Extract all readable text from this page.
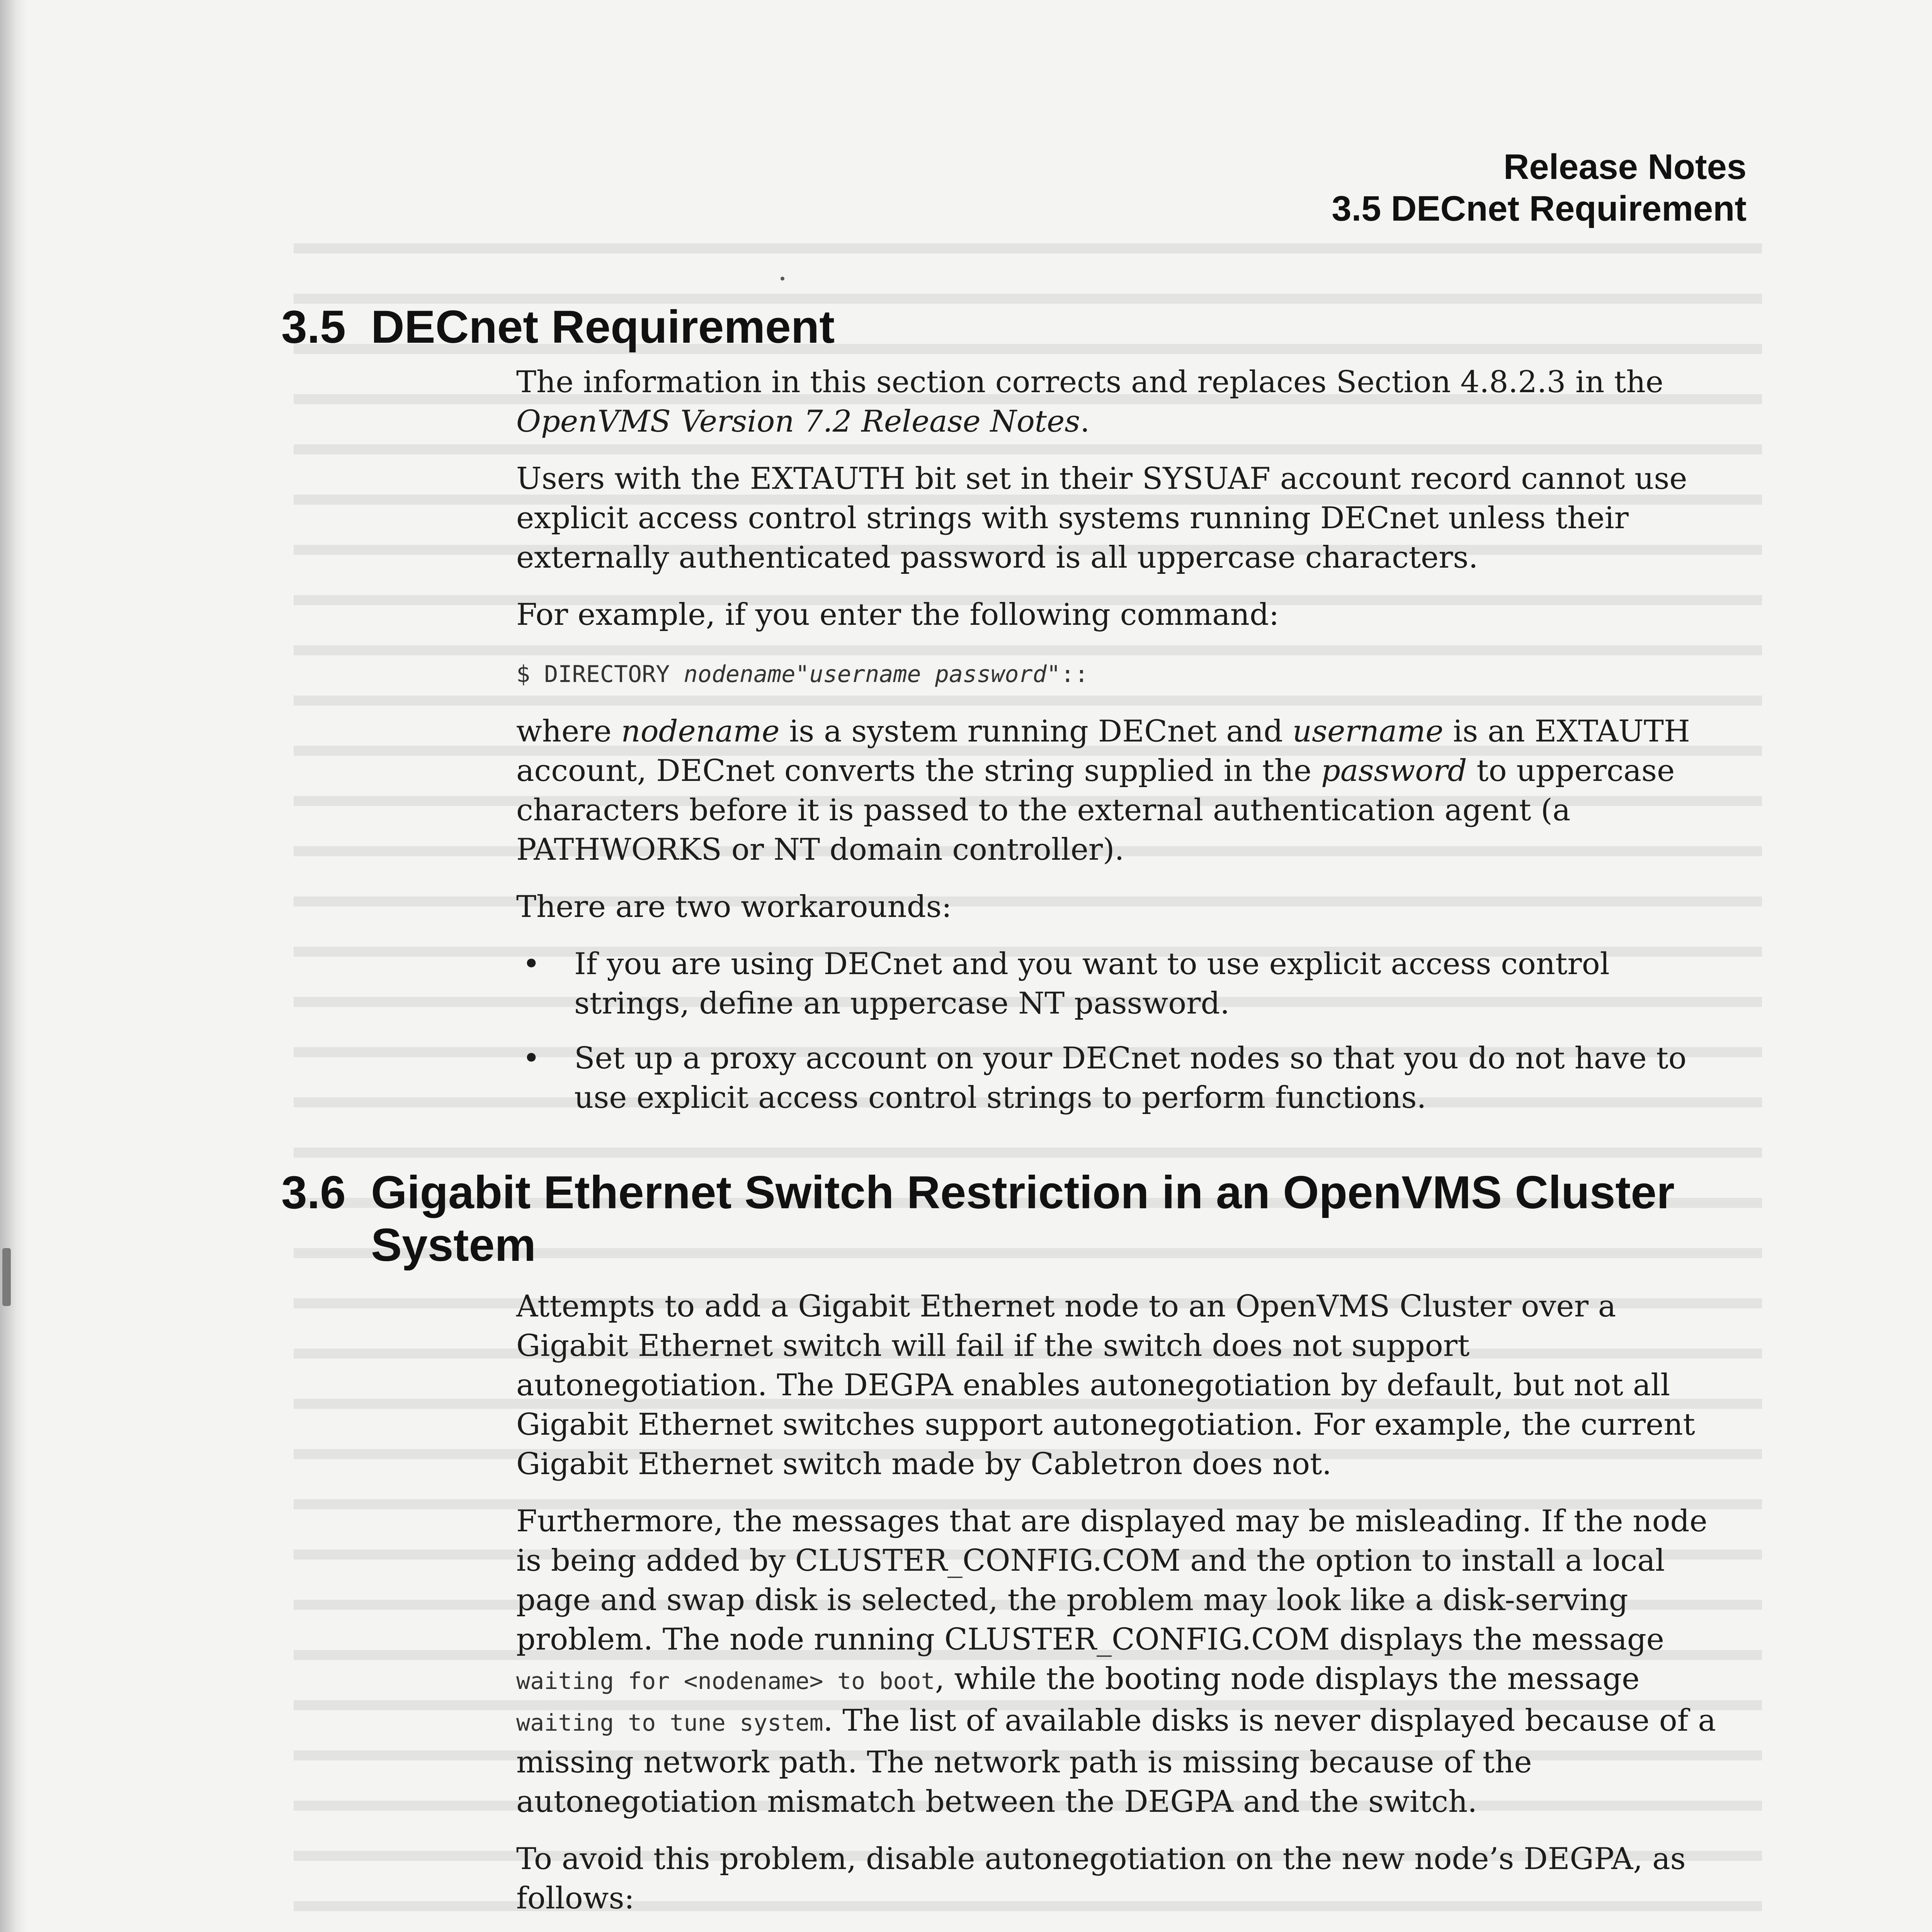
Release Notes
3.5 DECnet Requirement
3.5 DECnet Requirement

The information in this section corrects and replaces Section 4.8.2.3 in the OpenVMS Version 7.2 Release Notes.

Users with the EXTAUTH bit set in their SYSUAF account record cannot use explicit access control strings with systems running DECnet unless their externally authenticated password is all uppercase characters.

For example, if you enter the following command:

$ DIRECTORY nodename"username password"::

where nodename is a system running DECnet and username is an EXTAUTH account, DECnet converts the string supplied in the password to uppercase characters before it is passed to the external authentication agent (a PATHWORKS or NT domain controller).

There are two workarounds:

• If you are using DECnet and you want to use explicit access control strings, define an uppercase NT password.
• Set up a proxy account on your DECnet nodes so that you do not have to use explicit access control strings to perform functions.
3.6 Gigabit Ethernet Switch Restriction in an OpenVMS Cluster
System

Attempts to add a Gigabit Ethernet node to an OpenVMS Cluster over a Gigabit Ethernet switch will fail if the switch does not support autonegotiation. The DEGPA enables autonegotiation by default, but not all Gigabit Ethernet switches support autonegotiation. For example, the current Gigabit Ethernet switch made by Cabletron does not.

Furthermore, the messages that are displayed may be misleading. If the node is being added by CLUSTER_CONFIG.COM and the option to install a local page and swap disk is selected, the problem may look like a disk-serving problem. The node running CLUSTER_CONFIG.COM displays the message waiting for <nodename> to boot, while the booting node displays the message waiting to tune system. The list of available disks is never displayed because of a missing network path. The network path is missing because of the autonegotiation mismatch between the DEGPA and the switch.

To avoid this problem, disable autonegotiation on the new node’s DEGPA, as follows:
